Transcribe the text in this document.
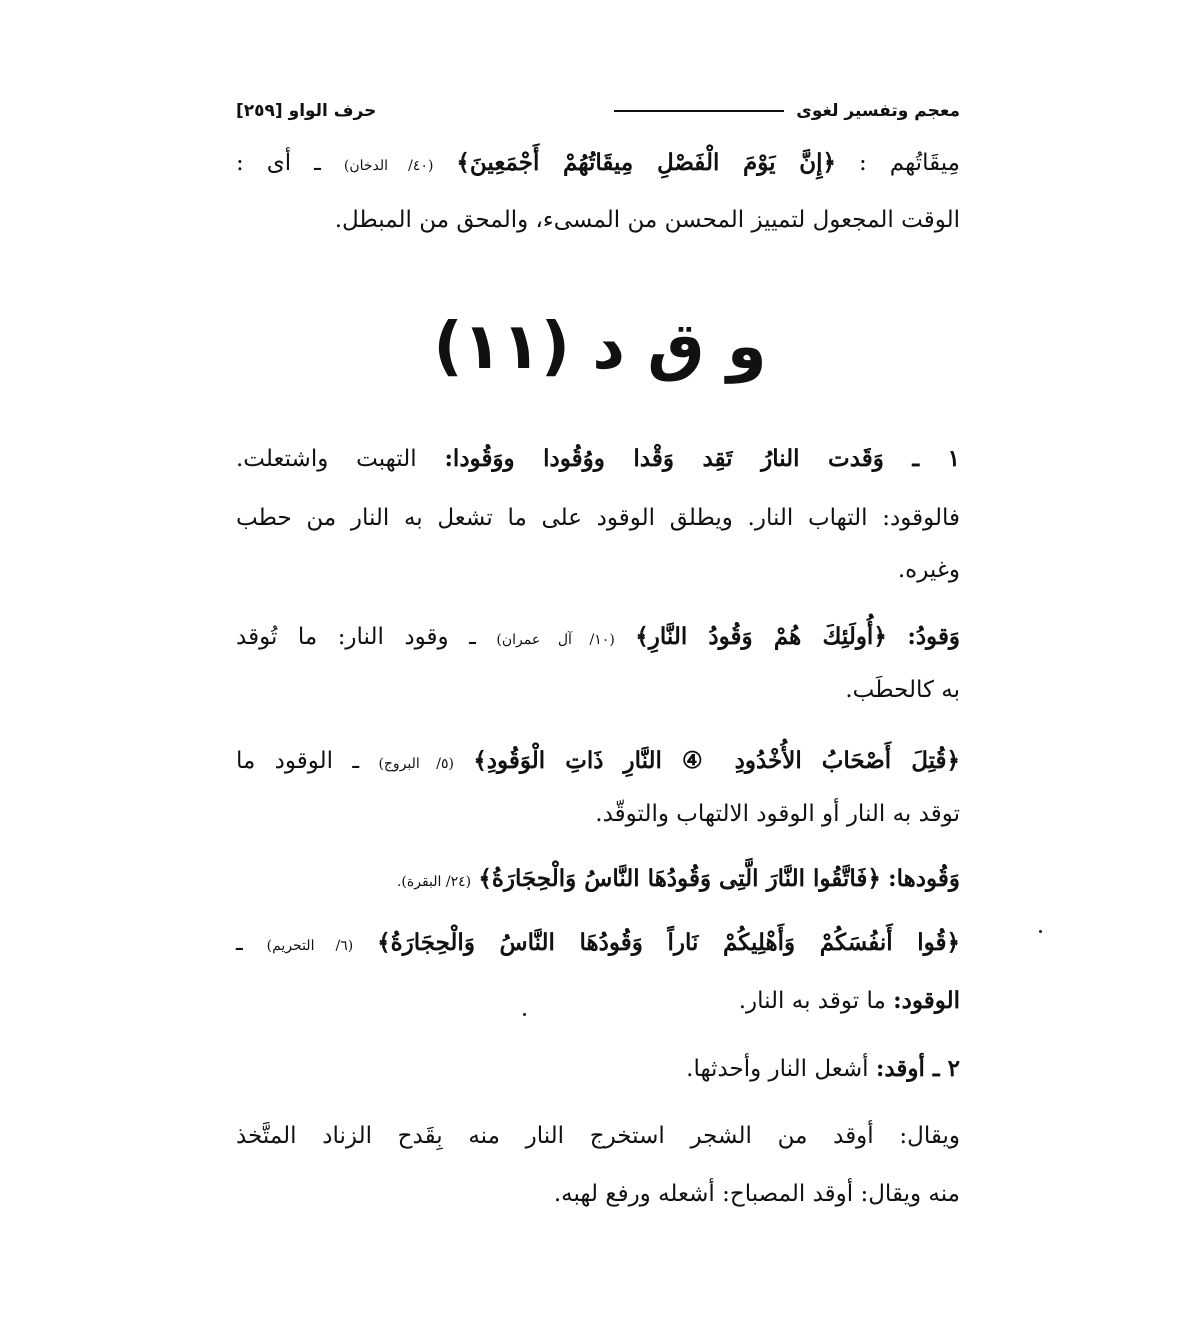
معجم وتفسير لغوى
حرف الواو [٢٥٩]
مِيقَاتُهم : ﴿إِنَّ يَوْمَ الْفَصْلِ مِيقَاتُهُمْ أَجْمَعِينَ﴾ (٤٠/ الدخان) ـ أى :
الوقت المجعول لتمييز المحسن من المسىء، والمحق من المبطل.
و ق د (١١)
١ ـ وَقَدت النارُ تَقِد وَقْدا ووُقُودا ووَقُودا: التهبت واشتعلت.
فالوقود: التهاب النار. ويطلق الوقود على ما تشعل به النار من حطب
وغيره.
وَقودُ: ﴿أُولَئِكَ هُمْ وَقُودُ النَّارِ﴾ (١٠/ آل عمران) ـ وقود النار: ما تُوقد
به كالحطَب.
﴿قُتِلَ أَصْحَابُ الأُخْدُودِ ④ النَّارِ ذَاتِ الْوَقُودِ﴾ (٥/ البروج) ـ الوقود ما
توقد به النار أو الوقود الالتهاب والتوقّد.
وَقُودها: ﴿فَاتَّقُوا النَّارَ الَّتِى وَقُودُهَا النَّاسُ وَالْحِجَارَةُ﴾ (٢٤/ البقرة).
﴿قُوا أَنفُسَكُمْ وَأَهْلِيكُمْ نَاراً وَقُودُهَا النَّاسُ وَالْحِجَارَةُ﴾ (٦/ التحريم) ـ
الوقود: ما توقد به النار.
٢ ـ أوقد: أشعل النار وأحدثها.
ويقال: أوقد من الشجر استخرج النار منه بِقَدح الزناد المتَّخذ
منه ويقال: أوقد المصباح: أشعله ورفع لهبه.
